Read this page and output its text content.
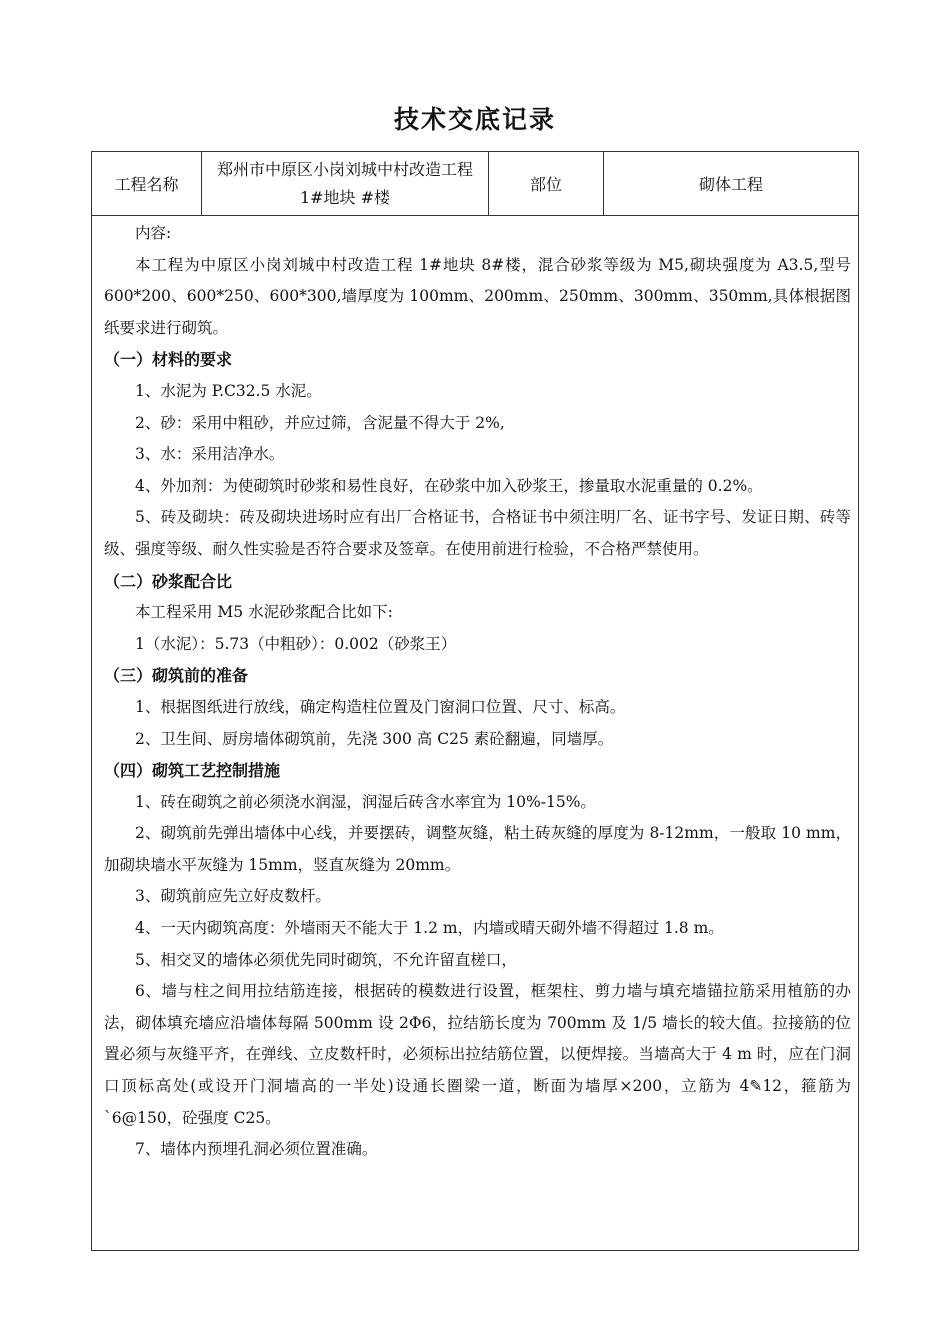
技术交底记录
工程名称
郑州市中原区小岗刘城中村改造工程 1#地块 #楼
部位	砌体工程

内容:

本工程为中原区小岗刘城中村改造工程 1#地块 8#楼，混合砂浆等级为 M5,砌块强度为 A3.5,型号 600*200、600*250、600*300,墙厚度为 100mm、200mm、250mm、300mm、350mm,具体根据图纸要求进行砌筑。

（一）材料的要求

1、水泥为 P.C32.5 水泥。

2、砂：采用中粗砂，并应过筛，含泥量不得大于 2%,

3、水：采用洁净水。

4、外加剂：为使砌筑时砂浆和易性良好，在砂浆中加入砂浆王，掺量取水泥重量的 0.2%。

5、砖及砌块：砖及砌块进场时应有出厂合格证书，合格证书中须注明厂名、证书字号、发证日期、砖等级、强度等级、耐久性实验是否符合要求及签章。在使用前进行检验，不合格严禁使用。

（二）砂浆配合比

本工程采用 M5 水泥砂浆配合比如下:

1（水泥）：5.73（中粗砂）：0.002（砂浆王）

（三）砌筑前的准备

1、根据图纸进行放线，确定构造柱位置及门窗洞口位置、尺寸、标高。

2、卫生间、厨房墙体砌筑前，先浇 300 高 C25 素砼翻遍，同墙厚。

（四）砌筑工艺控制措施

1、砖在砌筑之前必须浇水润湿，润湿后砖含水率宜为 10%-15%。

2、砌筑前先弹出墙体中心线，并要摆砖，调整灰缝，粘土砖灰缝的厚度为 8-12mm，一般取 10 mm，加砌块墙水平灰缝为 15mm，竖直灰缝为 20mm。

3、砌筑前应先立好皮数杆。

4、一天内砌筑高度：外墙雨天不能大于 1.2 m，内墙或晴天砌外墙不得超过 1.8 m。

5、相交叉的墙体必须优先同时砌筑，不允许留直槎口，

6、墙与柱之间用拉结筋连接，根据砖的模数进行设置，框架柱、剪力墙与填充墙锚拉筋采用植筋的办法，砌体填充墙应沿墙体每隔 500mm 设 2Φ6，拉结筋长度为 700mm 及 1/5 墙长的较大值。拉接筋的位置必须与灰缝平齐，在弹线、立皮数杆时，必须标出拉结筋位置，以便焊接。当墙高大于 4 m 时，应在门洞口顶标高处(或设开门洞墙高的一半处)设通长圈梁一道，断面为墙厚×200，立筋为 4✎12，箍筋为 ˋ6@150，砼强度 C25。

7、墙体内预埋孔洞必须位置准确。
